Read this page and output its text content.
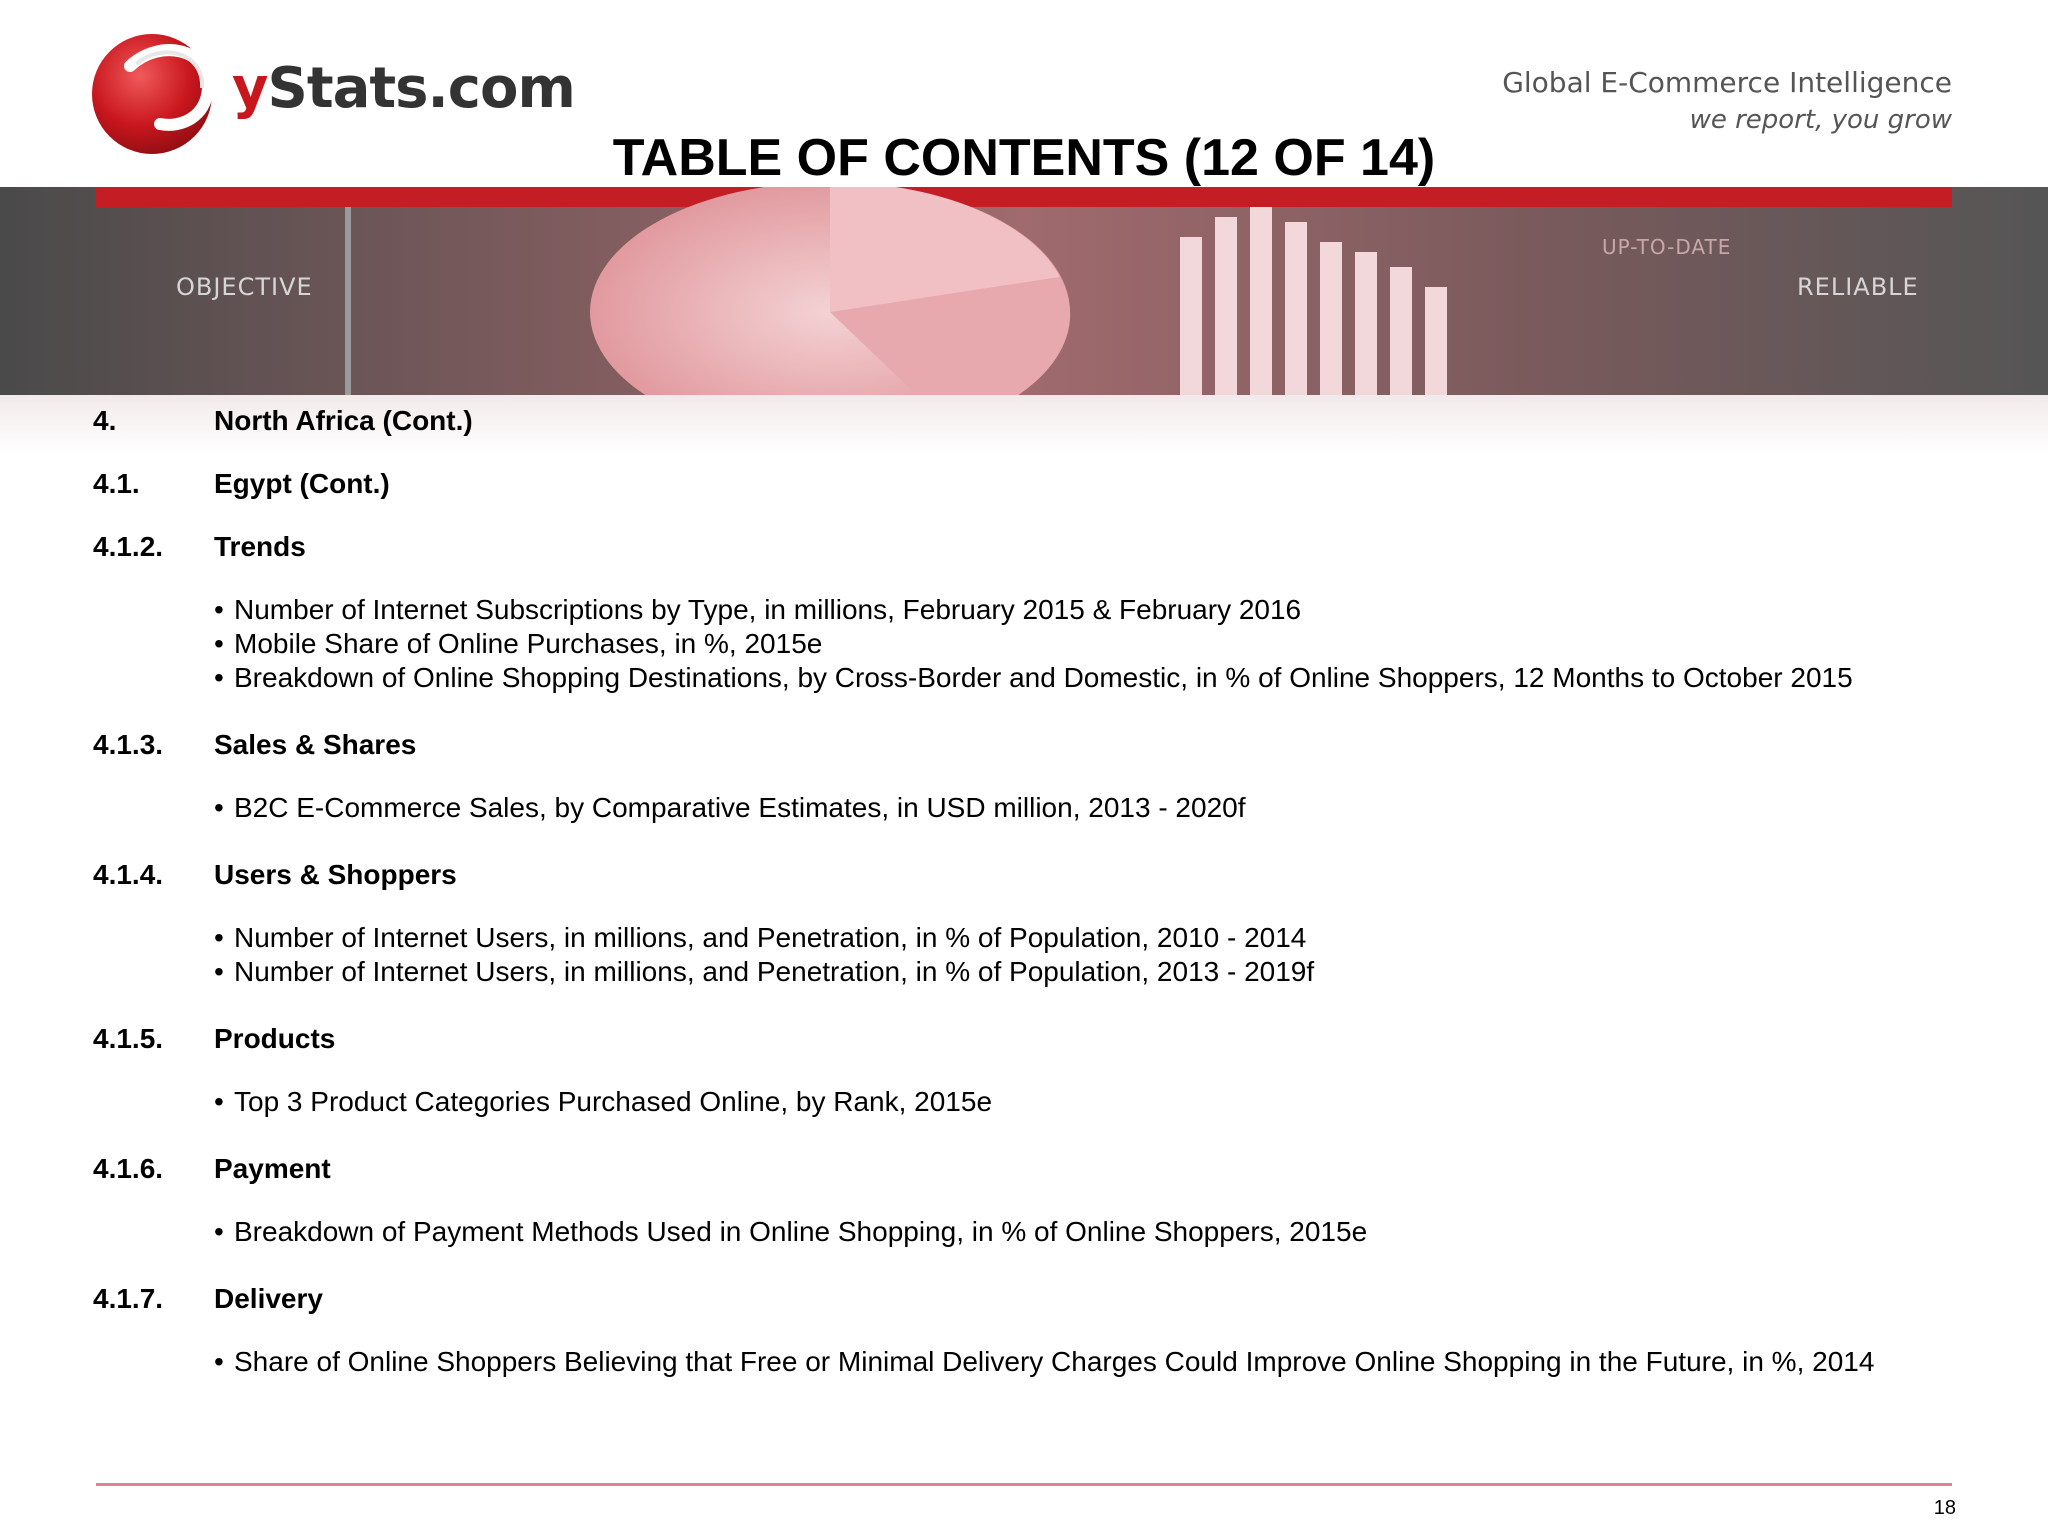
yStats.com	Global E-Commerce Intelligence
we report, you grow
TABLE OF CONTENTS (12 OF 14)
OBJECTIVE
UP-TO-DATE
RELIABLE
4.	North Africa (Cont.)
4.1.	Egypt (Cont.)
4.1.2.	Trends
• Number of Internet Subscriptions by Type, in millions, February 2015 & February 2016
• Mobile Share of Online Purchases, in %, 2015e
• Breakdown of Online Shopping Destinations, by Cross-Border and Domestic, in % of Online Shoppers, 12 Months to October 2015
4.1.3.	Sales & Shares
• B2C E-Commerce Sales, by Comparative Estimates, in USD million, 2013 - 2020f
4.1.4.	Users & Shoppers
• Number of Internet Users, in millions, and Penetration, in % of Population, 2010 - 2014
• Number of Internet Users, in millions, and Penetration, in % of Population, 2013 - 2019f
4.1.5.	Products
• Top 3 Product Categories Purchased Online, by Rank, 2015e
4.1.6.	Payment
• Breakdown of Payment Methods Used in Online Shopping, in % of Online Shoppers, 2015e
4.1.7.	Delivery
• Share of Online Shoppers Believing that Free or Minimal Delivery Charges Could Improve Online Shopping in the Future, in %, 2014
18
